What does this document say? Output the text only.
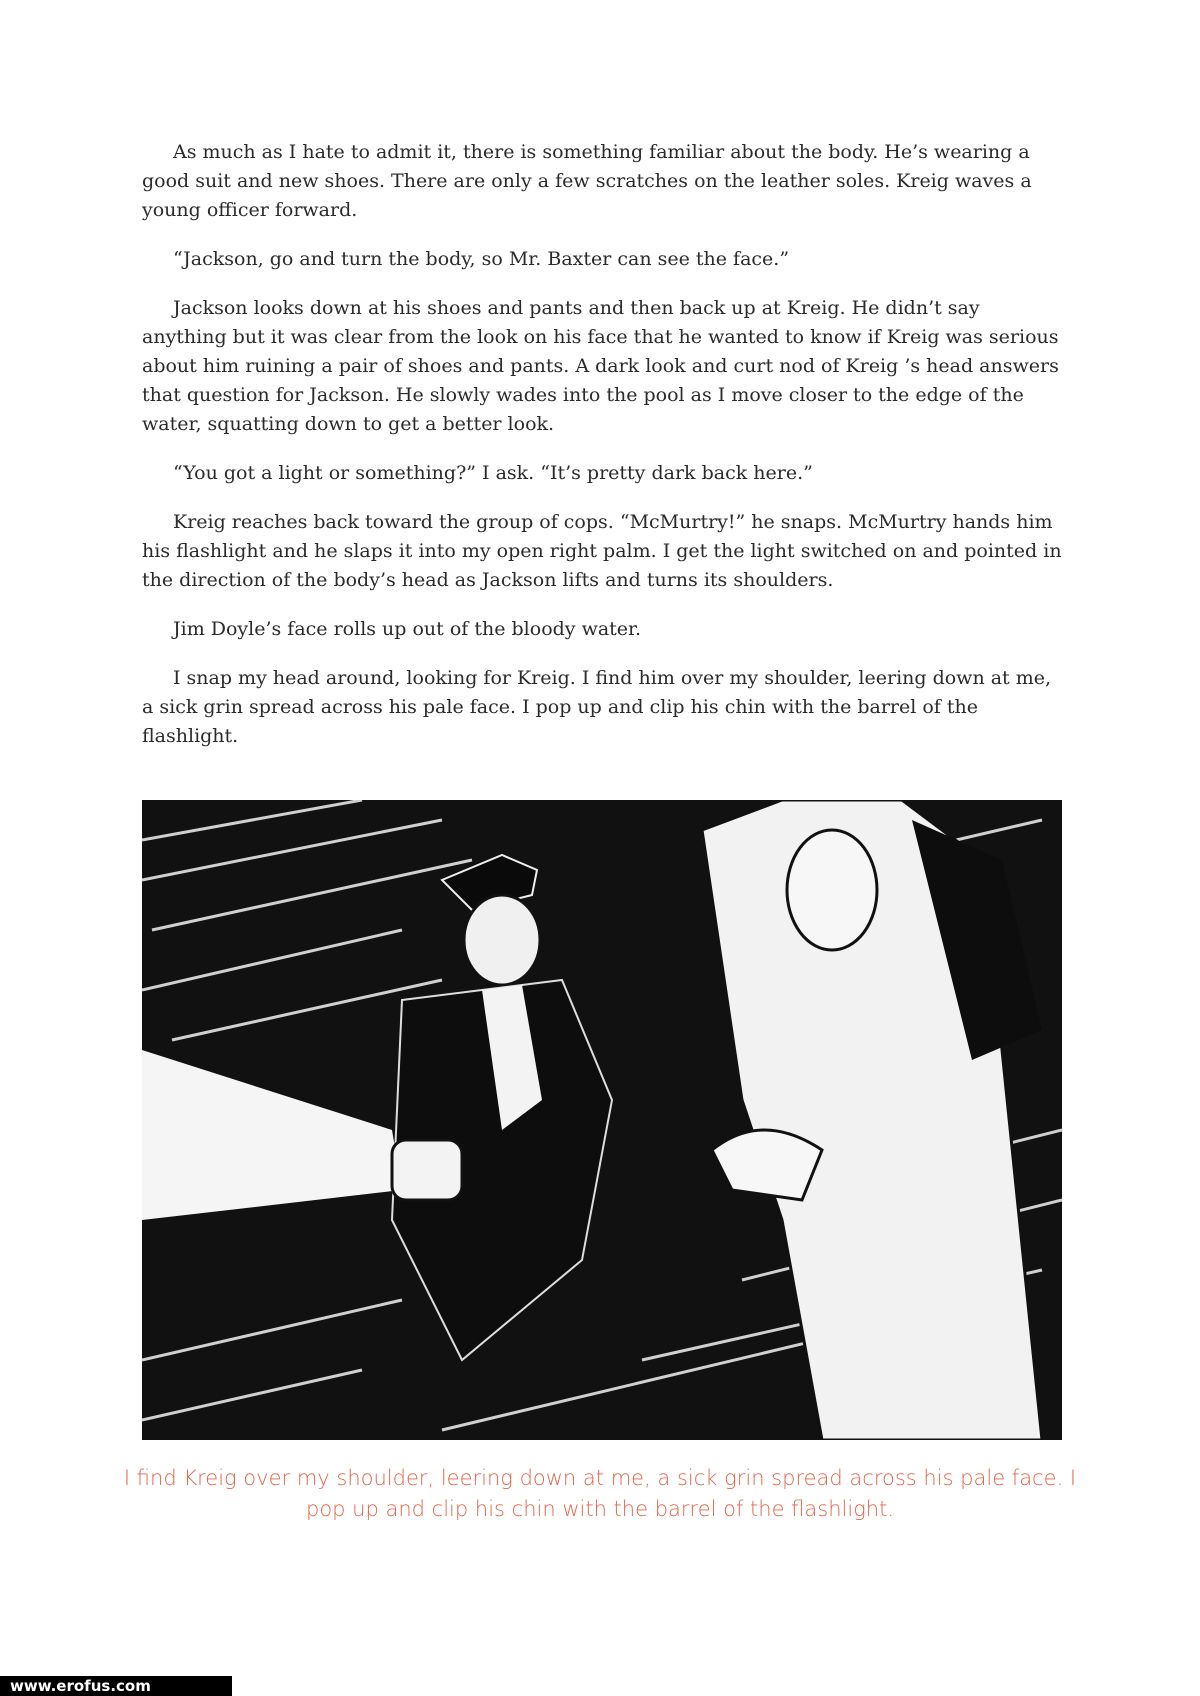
As much as I hate to admit it, there is something familiar about the body. He’s wearing a good suit and new shoes. There are only a few scratches on the leather soles. Kreig waves a young officer forward.

“Jackson, go and turn the body, so Mr. Baxter can see the face.”

Jackson looks down at his shoes and pants and then back up at Kreig. He didn’t say anything but it was clear from the look on his face that he wanted to know if Kreig was serious about him ruining a pair of shoes and pants. A dark look and curt nod of Kreig ’s head answers that question for Jackson. He slowly wades into the pool as I move closer to the edge of the water, squatting down to get a better look.

“You got a light or something?” I ask. “It’s pretty dark back here.”

Kreig reaches back toward the group of cops. “McMurtry!” he snaps. McMurtry hands him his flashlight and he slaps it into my open right palm. I get the light switched on and pointed in the direction of the body’s head as Jackson lifts and turns its shoulders.

Jim Doyle’s face rolls up out of the bloody water.

I snap my head around, looking for Kreig. I find him over my shoulder, leering down at me, a sick grin spread across his pale face. I pop up and clip his chin with the barrel of the flashlight.

I find Kreig over my shoulder, leering down at me, a sick grin spread across his pale face. I pop up and clip his chin with the barrel of the flashlight.
www.erofus.com
